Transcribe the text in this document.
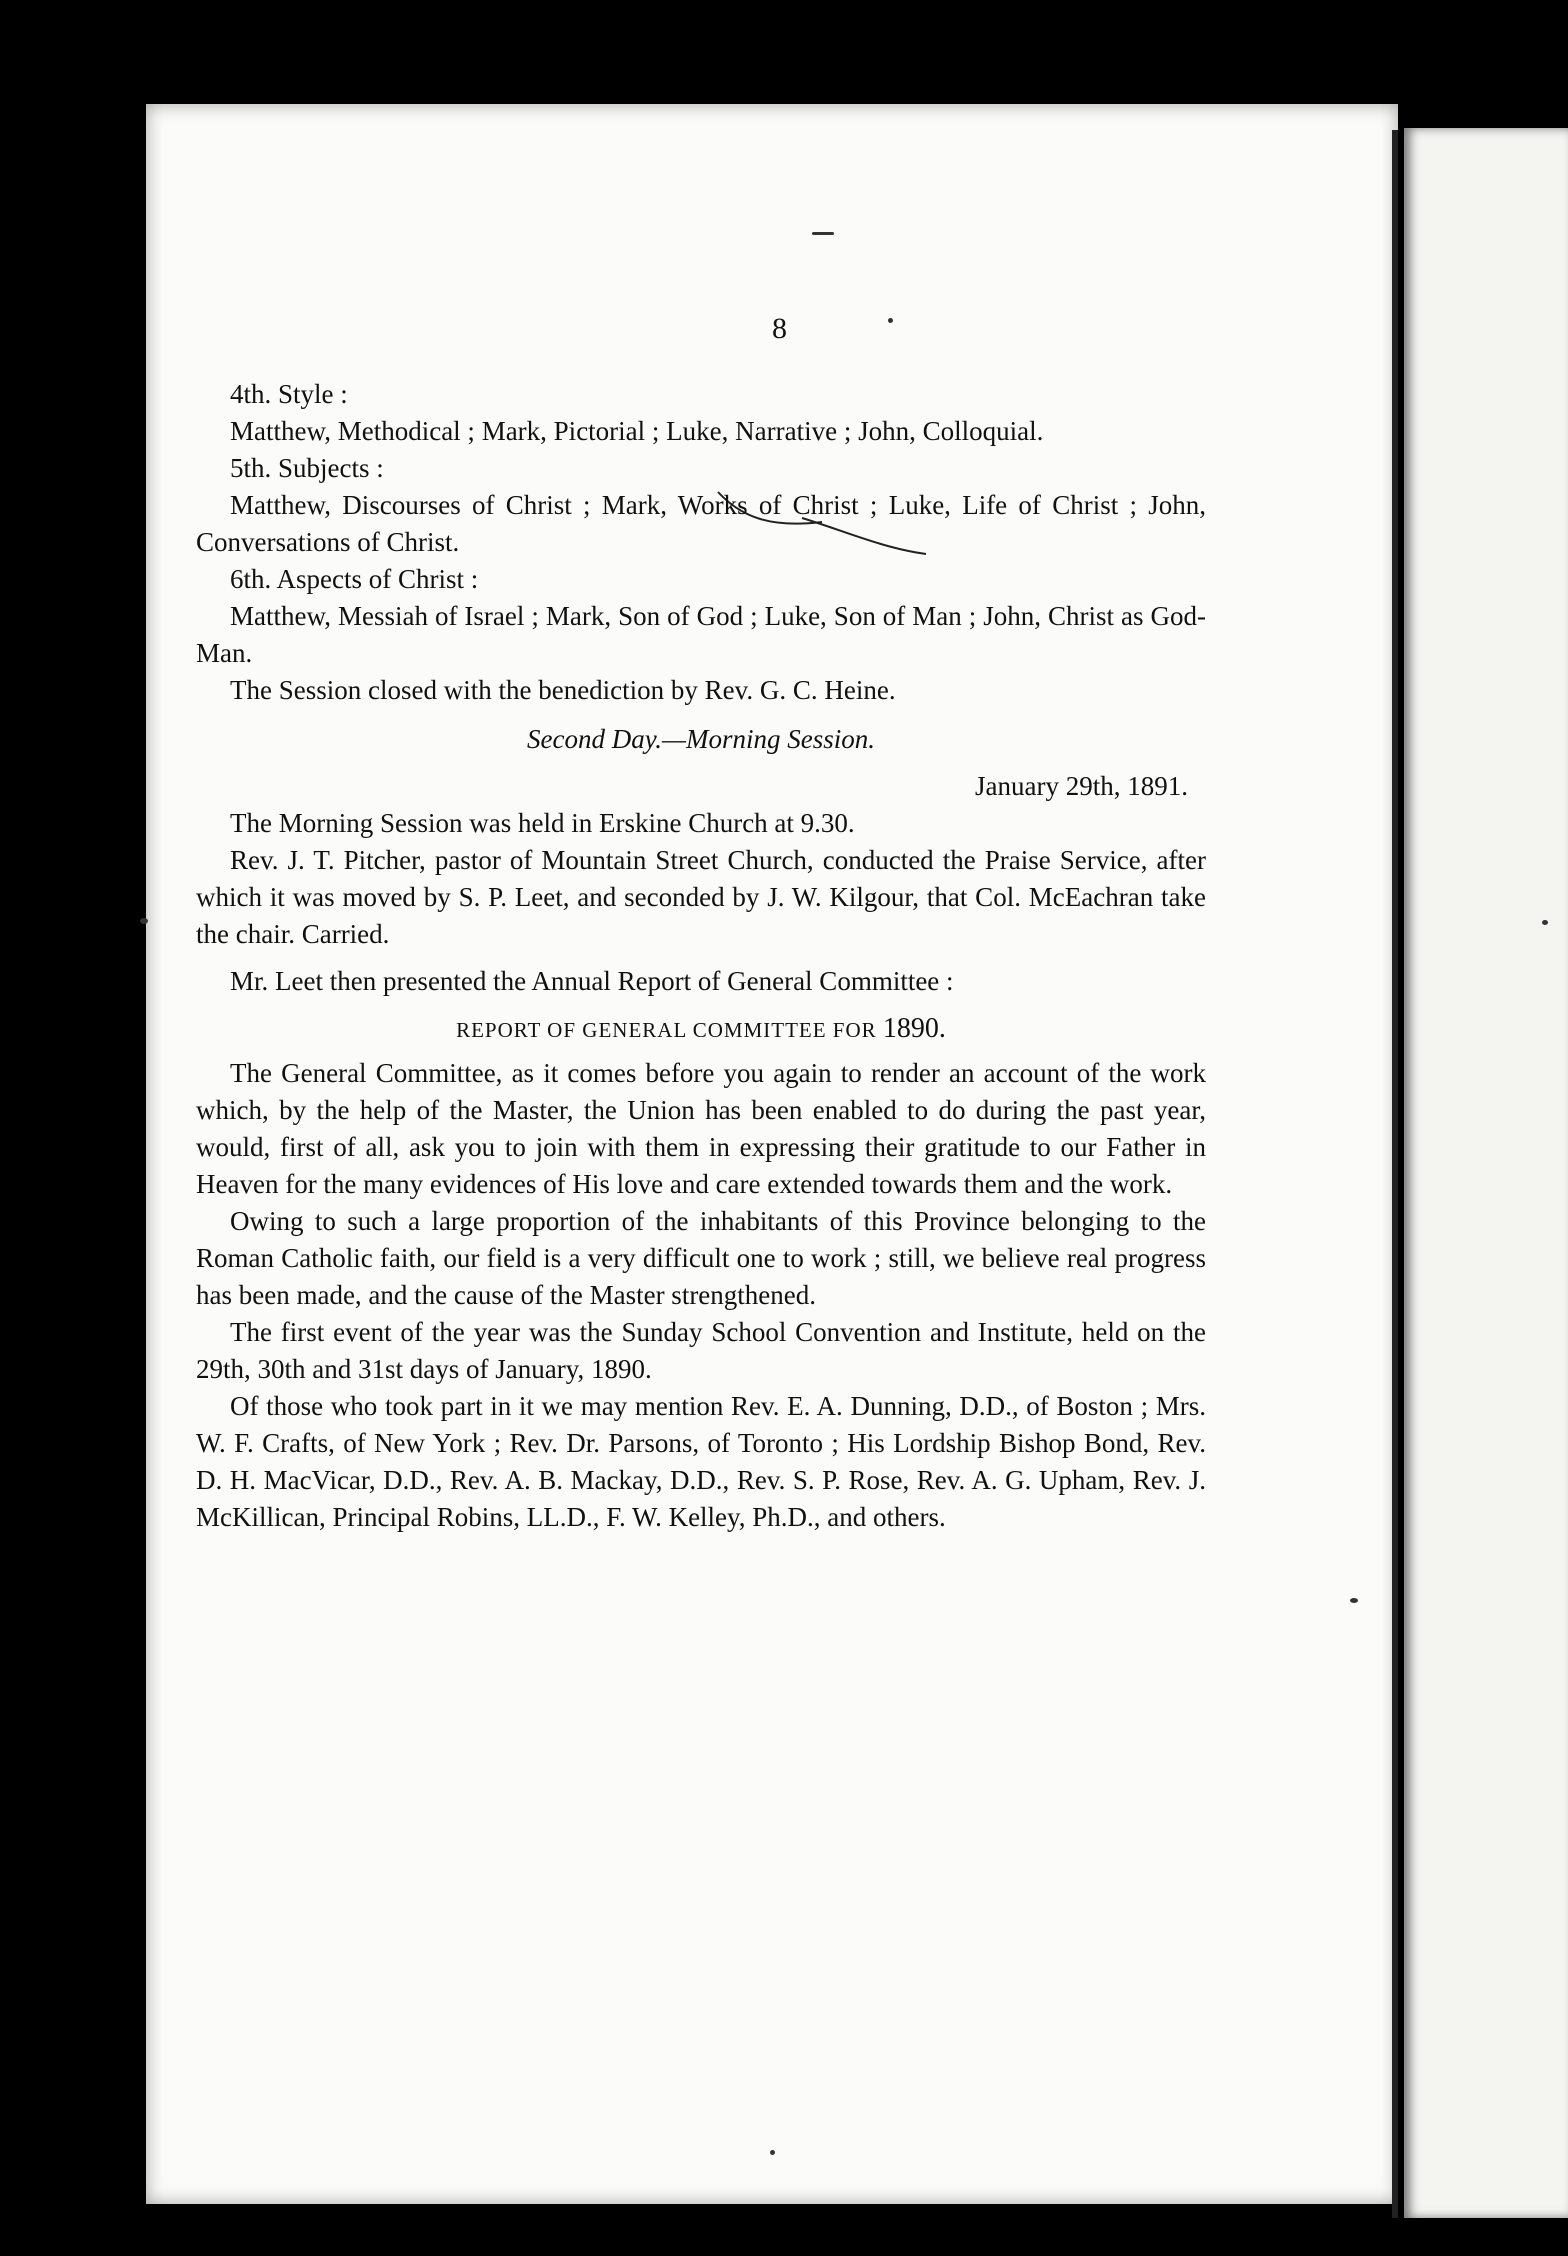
8

4th. Style :

Matthew, Methodical ; Mark, Pictorial ; Luke, Narrative ; John, Colloquial.

5th. Subjects :

Matthew, Discourses of Christ ; Mark, Works of Christ ; Luke, Life of Christ ; John, Conversations of Christ.

6th. Aspects of Christ :

Matthew, Messiah of Israel ; Mark, Son of God ; Luke, Son of Man ; John, Christ as God-Man.

The Session closed with the benediction by Rev. G. C. Heine.

Second Day.—Morning Session.

January 29th, 1891.

The Morning Session was held in Erskine Church at 9.30.

Rev. J. T. Pitcher, pastor of Mountain Street Church, conducted the Praise Service, after which it was moved by S. P. Leet, and seconded by J. W. Kilgour, that Col. McEachran take the chair. Carried.

Mr. Leet then presented the Annual Report of General Committee :

REPORT OF GENERAL COMMITTEE FOR 1890.

The General Committee, as it comes before you again to render an account of the work which, by the help of the Master, the Union has been enabled to do during the past year, would, first of all, ask you to join with them in expressing their gratitude to our Father in Heaven for the many evidences of His love and care extended towards them and the work.

Owing to such a large proportion of the inhabitants of this Province belonging to the Roman Catholic faith, our field is a very difficult one to work ; still, we believe real progress has been made, and the cause of the Master strengthened.

The first event of the year was the Sunday School Convention and Institute, held on the 29th, 30th and 31st days of January, 1890.

Of those who took part in it we may mention Rev. E. A. Dunning, D.D., of Boston ; Mrs. W. F. Crafts, of New York ; Rev. Dr. Parsons, of Toronto ; His Lordship Bishop Bond, Rev. D. H. MacVicar, D.D., Rev. A. B. Mackay, D.D., Rev. S. P. Rose, Rev. A. G. Upham, Rev. J. McKillican, Principal Robins, LL.D., F. W. Kelley, Ph.D., and others.
